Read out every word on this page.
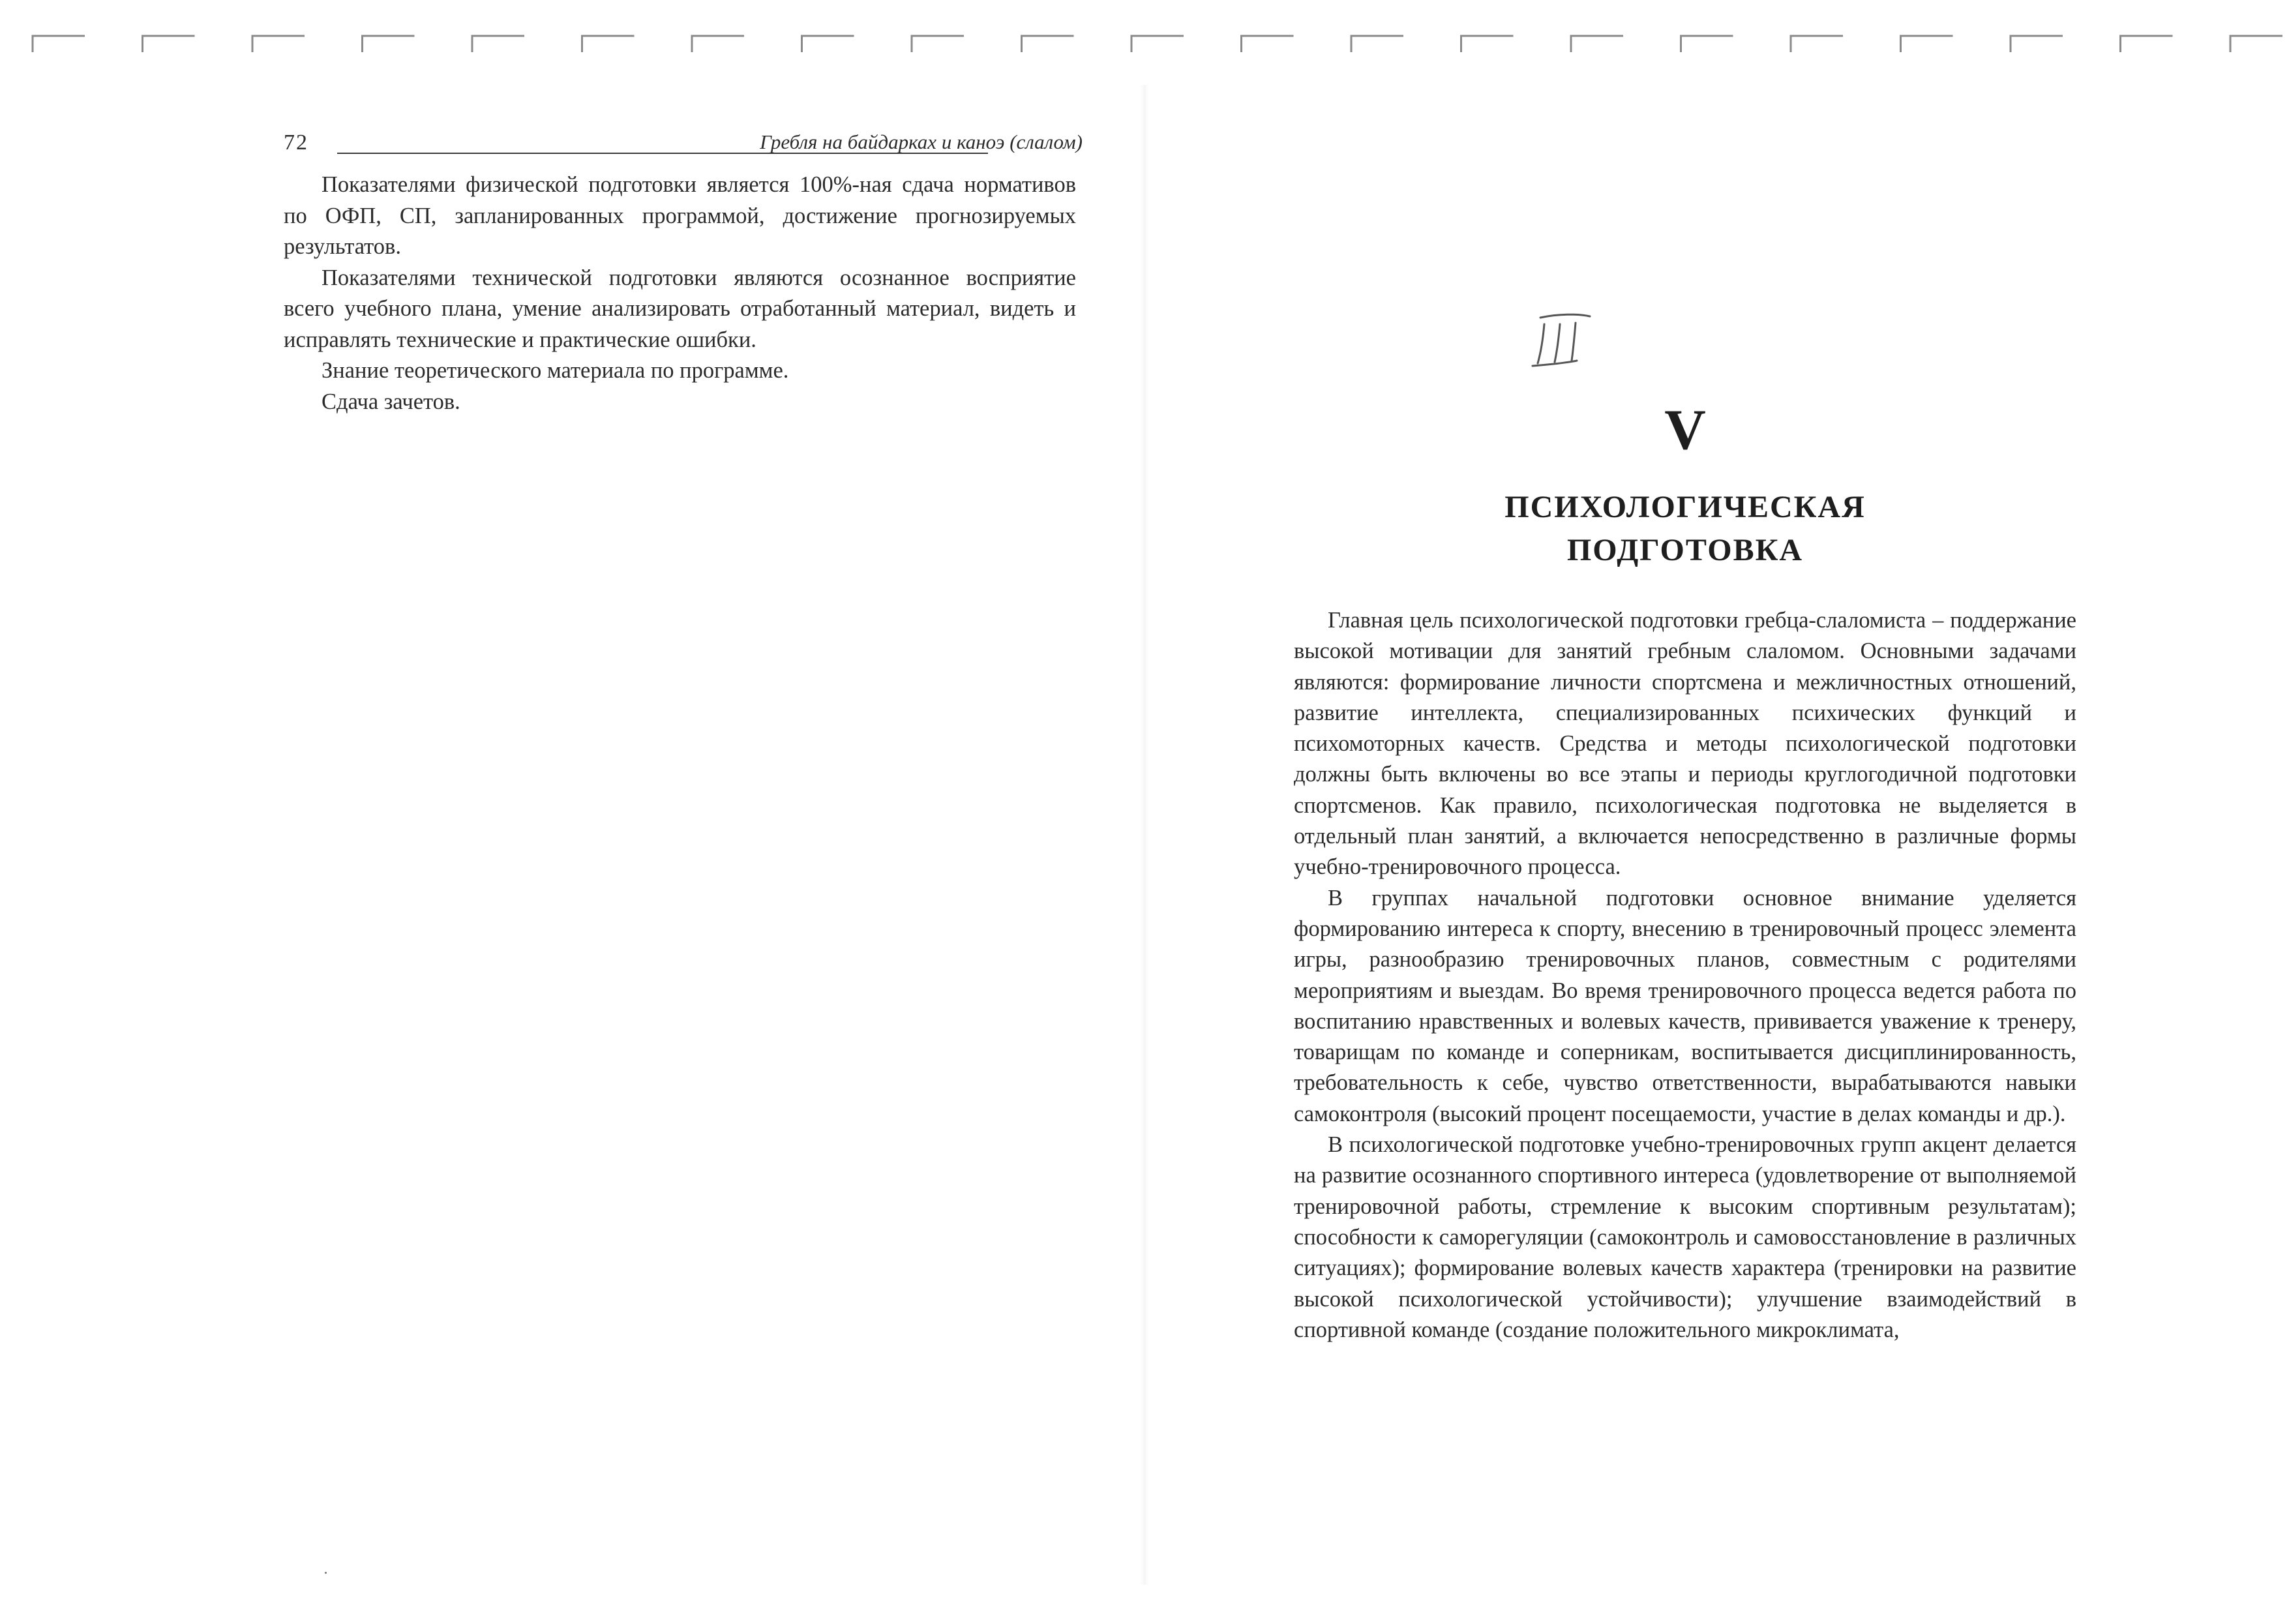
72	Гребля на байдарках и каноэ (слалом)

Показателями физической подготовки является 100%-ная сдача нормативов по ОФП, СП, запланированных программой, достижение прогнозируемых результатов.

Показателями технической подготовки являются осознанное восприятие всего учебного плана, умение анализировать отработанный материал, видеть и исправлять технические и практические ошибки.

Знание теоретического материала по программе.

Сдача зачетов.	V
ПСИХОЛОГИЧЕСКАЯ
ПОДГОТОВКА

Главная цель психологической подготовки гребца-слаломиста – поддержание высокой мотивации для занятий гребным слаломом. Основными задачами являются: формирование личности спортсмена и межличностных отношений, развитие интеллекта, специализированных психических функций и психомоторных качеств. Средства и методы психологической подготовки должны быть включены во все этапы и периоды круглогодичной подготовки спортсменов. Как правило, психологическая подготовка не выделяется в отдельный план занятий, а включается непосредственно в различные формы учебно-тренировочного процесса.

В группах начальной подготовки основное внимание уделяется формированию интереса к спорту, внесению в тренировочный процесс элемента игры, разнообразию тренировочных планов, совместным с родителями мероприятиям и выездам. Во время тренировочного процесса ведется работа по воспитанию нравственных и волевых качеств, прививается уважение к тренеру, товарищам по команде и соперникам, воспитывается дисциплинированность, требовательность к себе, чувство ответственности, вырабатываются навыки самоконтроля (высокий процент посещаемости, участие в делах команды и др.).

В психологической подготовке учебно-тренировочных групп акцент делается на развитие осознанного спортивного интереса (удовлетворение от выполняемой тренировочной работы, стремление к высоким спортивным результатам); способности к саморегуляции (самоконтроль и самовосстановление в различных ситуациях); формирование волевых качеств характера (тренировки на развитие высокой психологической устойчивости); улучшение взаимодействий в спортивной команде (создание положительного микроклимата,
